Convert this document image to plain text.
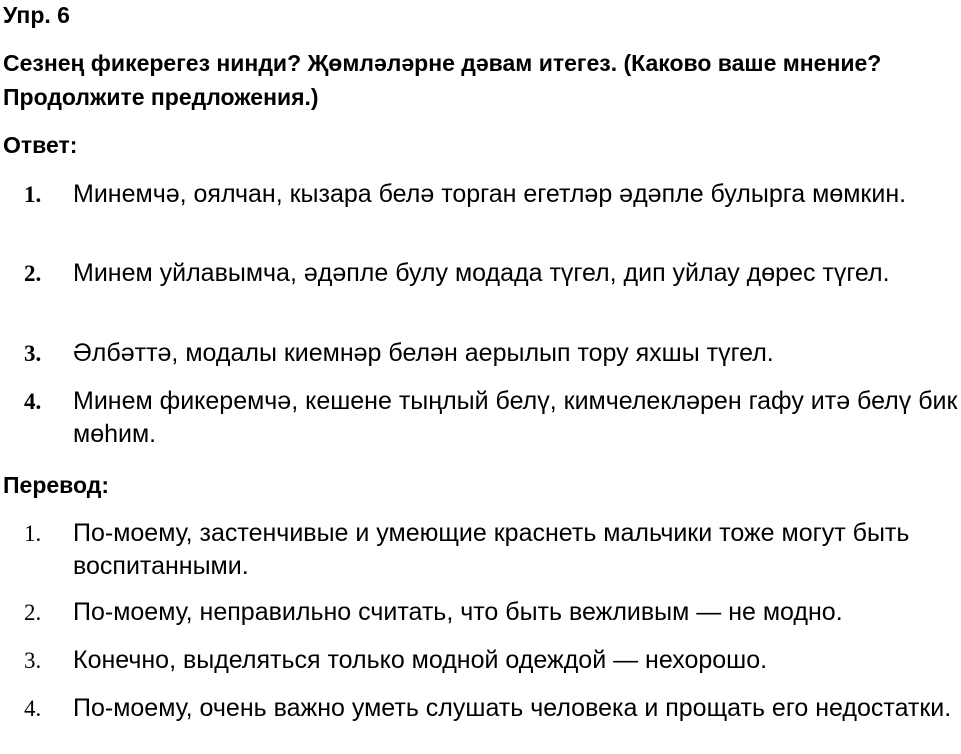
Упр. 6

Сезнең фикерегез нинди? Җөмләләрне дәвам итегез. (Каково ваше мнение? Продолжите предложения.)

Ответ:
1. Минемчә, оялчан, кызара белә торган егетләр әдәпле булырга мөмкин.
2. Минем уйлавымча, әдәпле булу модада түгел, дип уйлау дөрес түгел.
3. Әлбәттә, модалы киемнәр белән аерылып тору яхшы түгел.
4. Минем фикеремчә, кешене тыңлый белү, кимчелекләрен гафу итә белү бик мөһим.
Перевод:
1. По-моему, застенчивые и умеющие краснеть мальчики тоже могут быть воспитанными.
2. По-моему, неправильно считать, что быть вежливым — не модно.
3. Конечно, выделяться только модной одеждой — нехорошо.
4. По-моему, очень важно уметь слушать человека и прощать его недостатки.
